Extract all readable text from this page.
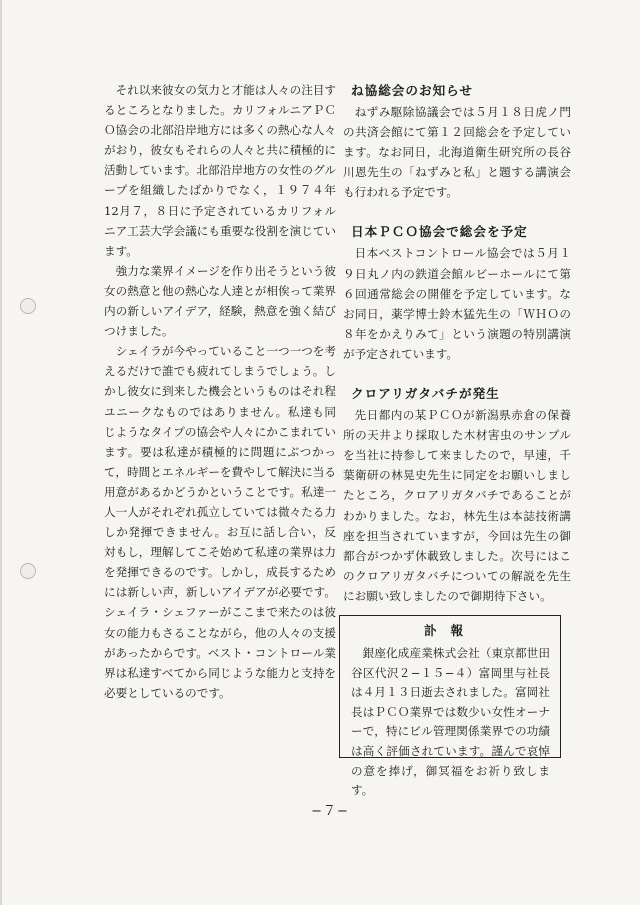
それ以来彼女の気力と才能は人々の注目するところとなりました。カリフォルニアＰＣＯ協会の北部沿岸地方には多くの熱心な人々がおり，彼女もそれらの人々と共に積極的に活動しています。北部沿岸地方の女性のグループを組織したばかりでなく，１９７４年12月７，８日に予定されているカリフォルニア工芸大学会議にも重要な役割を演じています。

強力な業界イメージを作り出そうという彼女の熱意と他の熱心な人達とが相俟って業界内の新しいアイデア，経験，熱意を強く結びつけました。

シェイラが今やっていること一つ一つを考えるだけで誰でも疲れてしまうでしょう。しかし彼女に到来した機会というものはそれ程ユニークなものではありません。私達も同じようなタイプの協会や人々にかこまれています。要は私達が積極的に問題にぶつかって，時間とエネルギーを費やして解決に当る用意があるかどうかということです。私達一人一人がそれぞれ孤立していては微々たる力しか発揮できません。お互に話し合い，反対もし，理解してこそ始めて私達の業界は力を発揮できるのです。しかし，成長するためには新しい声，新しいアイデアが必要です。シェイラ・シェファーがここまで来たのは彼女の能力もさることながら，他の人々の支援があったからです。ベスト・コントロール業界は私達すべてから同じような能力と支持を必要としているのです。

ね協総会のお知らせ

ねずみ駆除協議会では５月１８日虎ノ門の共済会館にて第１２回総会を予定しています。なお同日，北海道衛生研究所の長谷川恩先生の「ねずみと私」と題する講演会も行われる予定です。

日本ＰＣＯ協会で総会を予定

日本ベストコントロール協会では５月１９日丸ノ内の鉄道会館ルビーホールにて第６回通常総会の開催を予定しています。なお同日，薬学博士鈴木猛先生の「ＷＨＯの８年をかえりみて」という演題の特別講演が予定されています。

クロアリガタバチが発生

先日都内の某ＰＣＯが新潟県赤倉の保養所の天井より採取した木材害虫のサンプルを当社に持参して来ましたので，早速，千葉衛研の林晃史先生に同定をお願いしましたところ，クロアリガタバチであることがわかりました。なお，林先生は本誌技術講座を担当されていますが，今回は先生の御都合がつかず休載致しました。次号にはこのクロアリガタバチについての解説を先生にお願い致しましたので御期待下さい。

訃報

銀座化成産業株式会社（東京都世田谷区代沢２−１５−４）富岡里与社長は４月１３日逝去されました。富岡社長はＰＣＯ業界では数少い女性オーナーで，特にビル管理関係業界での功績は高く評価されています。謹んで哀悼の意を捧げ，御冥福をお祈り致します。

−７−
